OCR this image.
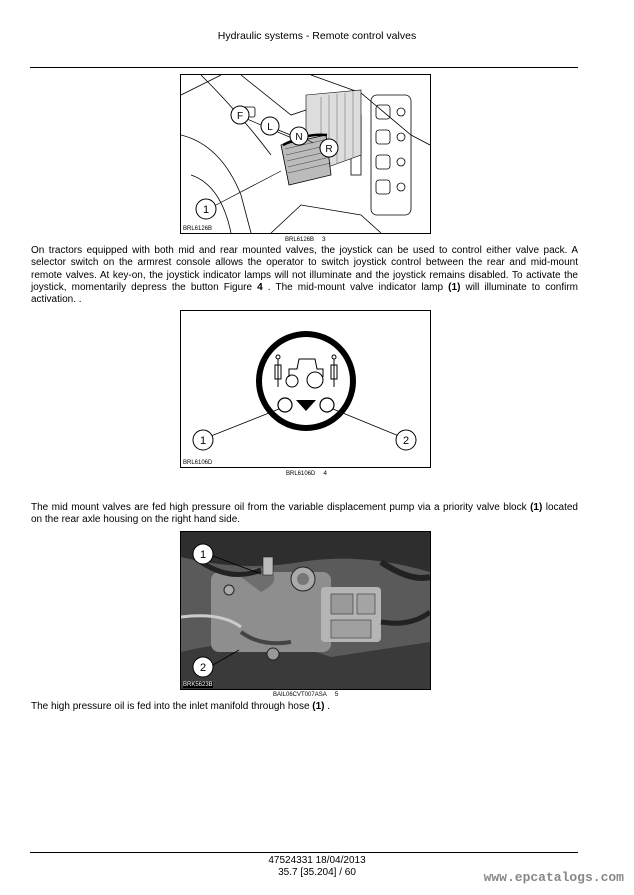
Hydraulic systems - Remote control valves
F
L
N
R
1
BRL6126B
BRL6126B 3
On tractors equipped with both mid and rear mounted valves, the joystick can be used to control either valve pack. A selector switch on the armrest console allows the operator to switch joystick control between the rear and mid-mount remote valves. At key-on, the joystick indicator lamps will not illuminate and the joystick remains disabled. To activate the joystick, momentarily depress the button Figure 4 . The mid-mount valve indicator lamp (1) will illuminate to confirm activation. .
1	2
BRL6106D
BRL6106D 4
The mid mount valves are fed high pressure oil from the variable displacement pump via a priority valve block (1) located on the rear axle housing on the right hand side.
1
2
BRK5623B
BAIL06CVT007ASA 5
The high pressure oil is fed into the inlet manifold through hose (1) .
47524331 18/04/2013
35.7 [35.204] / 60	www.epcatalogs.com
